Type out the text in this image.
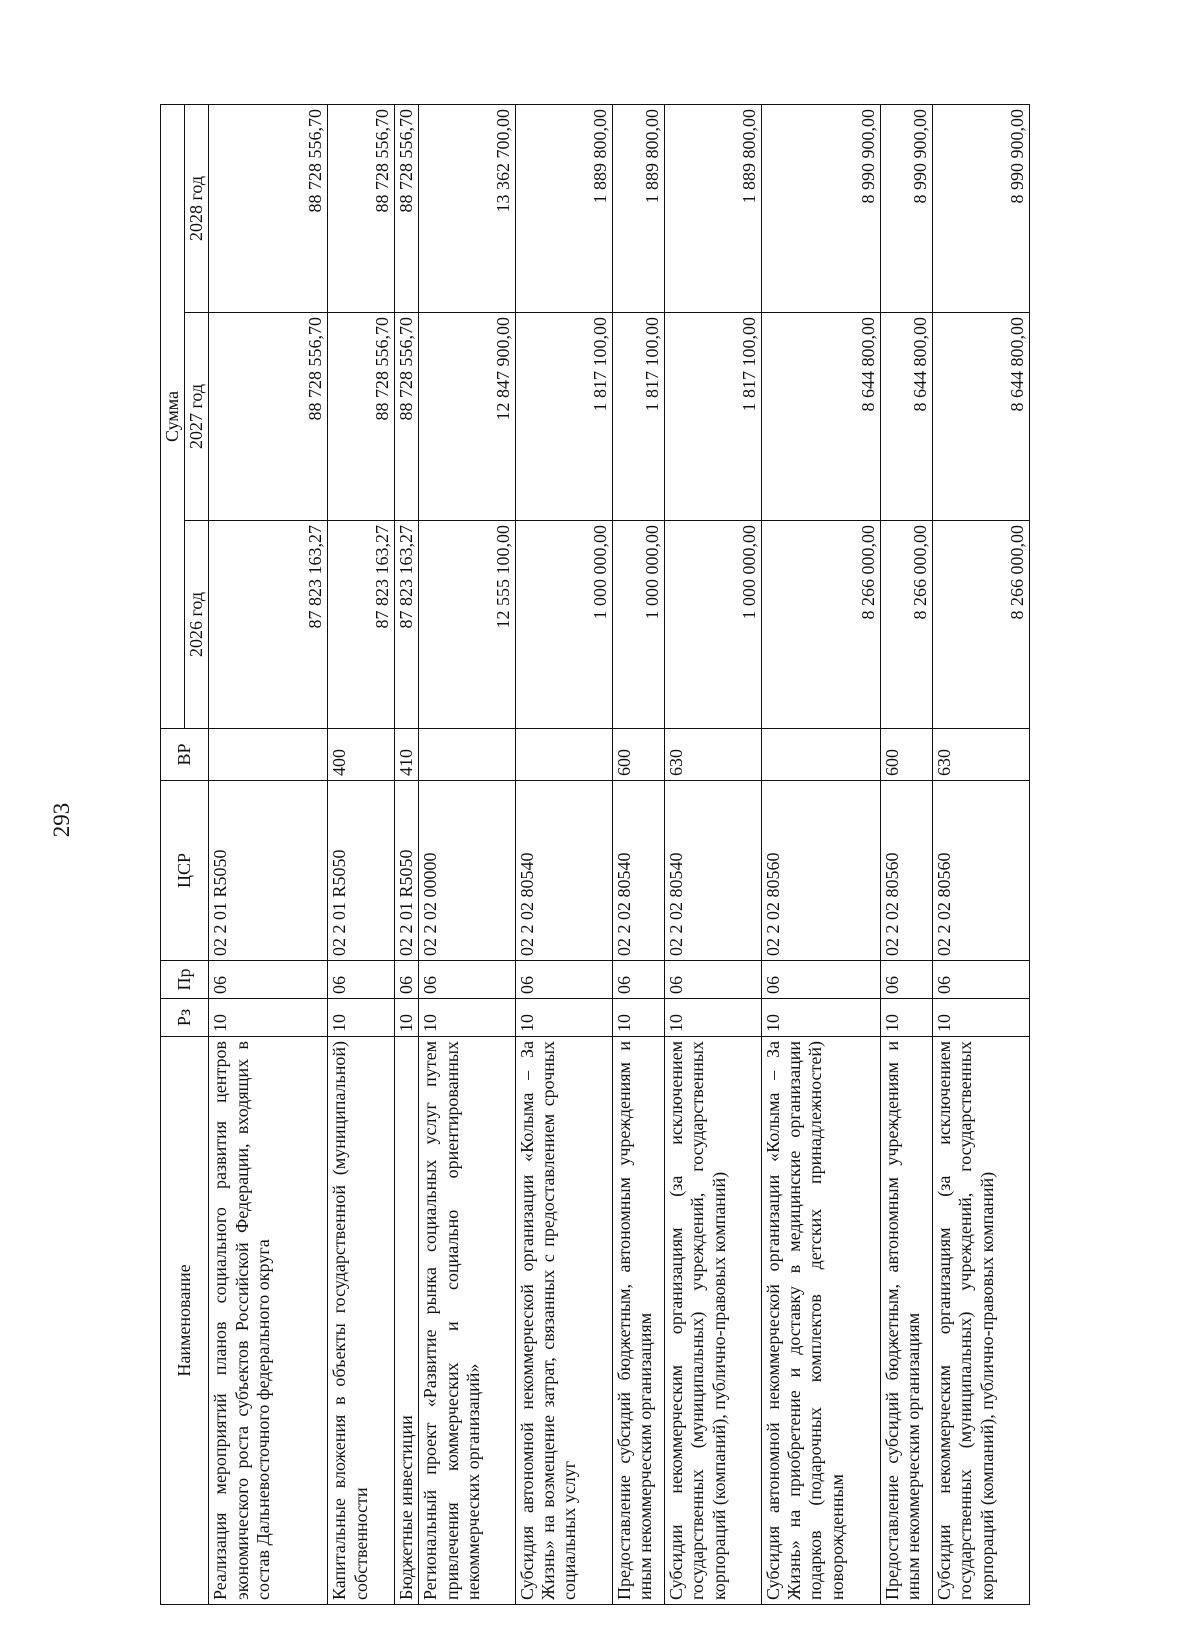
293
Наименование	Рз	Пр	ЦСР	ВР	Сумма		
					2026 год	2027 год	2028 год
Реализация мероприятий планов социального развития центров экономического роста субъектов Российской Федерации, входящих в состав Дальневосточного федерального округа	10	06	02 2 01 R5050		87 823 163,27	88 728 556,70	88 728 556,70
Капитальные вложения в объекты государственной (муниципальной) собственности	10	06	02 2 01 R5050	400	87 823 163,27	88 728 556,70	88 728 556,70
Бюджетные инвестиции	10	06	02 2 01 R5050	410	87 823 163,27	88 728 556,70	88 728 556,70
Региональный проект «Развитие рынка социальных услуг путем привлечения коммерческих и социально ориентированных некоммерческих организаций»	10	06	02 2 02 00000		12 555 100,00	12 847 900,00	13 362 700,00
Субсидия автономной некоммерческой организации «Колыма – За Жизнь» на возмещение затрат, связанных с предоставлением срочных социальных услуг	10	06	02 2 02 80540		1 000 000,00	1 817 100,00	1 889 800,00
Предоставление субсидий бюджетным, автономным учреждениям и иным некоммерческим организациям	10	06	02 2 02 80540	600	1 000 000,00	1 817 100,00	1 889 800,00
Субсидии некоммерческим организациям (за исключением государственных (муниципальных) учреждений, государственных корпораций (компаний), публично-правовых компаний)	10	06	02 2 02 80540	630	1 000 000,00	1 817 100,00	1 889 800,00
Субсидия автономной некоммерческой организации «Колыма – За Жизнь» на приобретение и доставку в медицинские организации подарков (подарочных комплектов детских принадлежностей) новорожденным	10	06	02 2 02 80560		8 266 000,00	8 644 800,00	8 990 900,00
Предоставление субсидий бюджетным, автономным учреждениям и иным некоммерческим организациям	10	06	02 2 02 80560	600	8 266 000,00	8 644 800,00	8 990 900,00
Субсидии некоммерческим организациям (за исключением государственных (муниципальных) учреждений, государственных корпораций (компаний), публично-правовых компаний)	10	06	02 2 02 80560	630	8 266 000,00	8 644 800,00	8 990 900,00
